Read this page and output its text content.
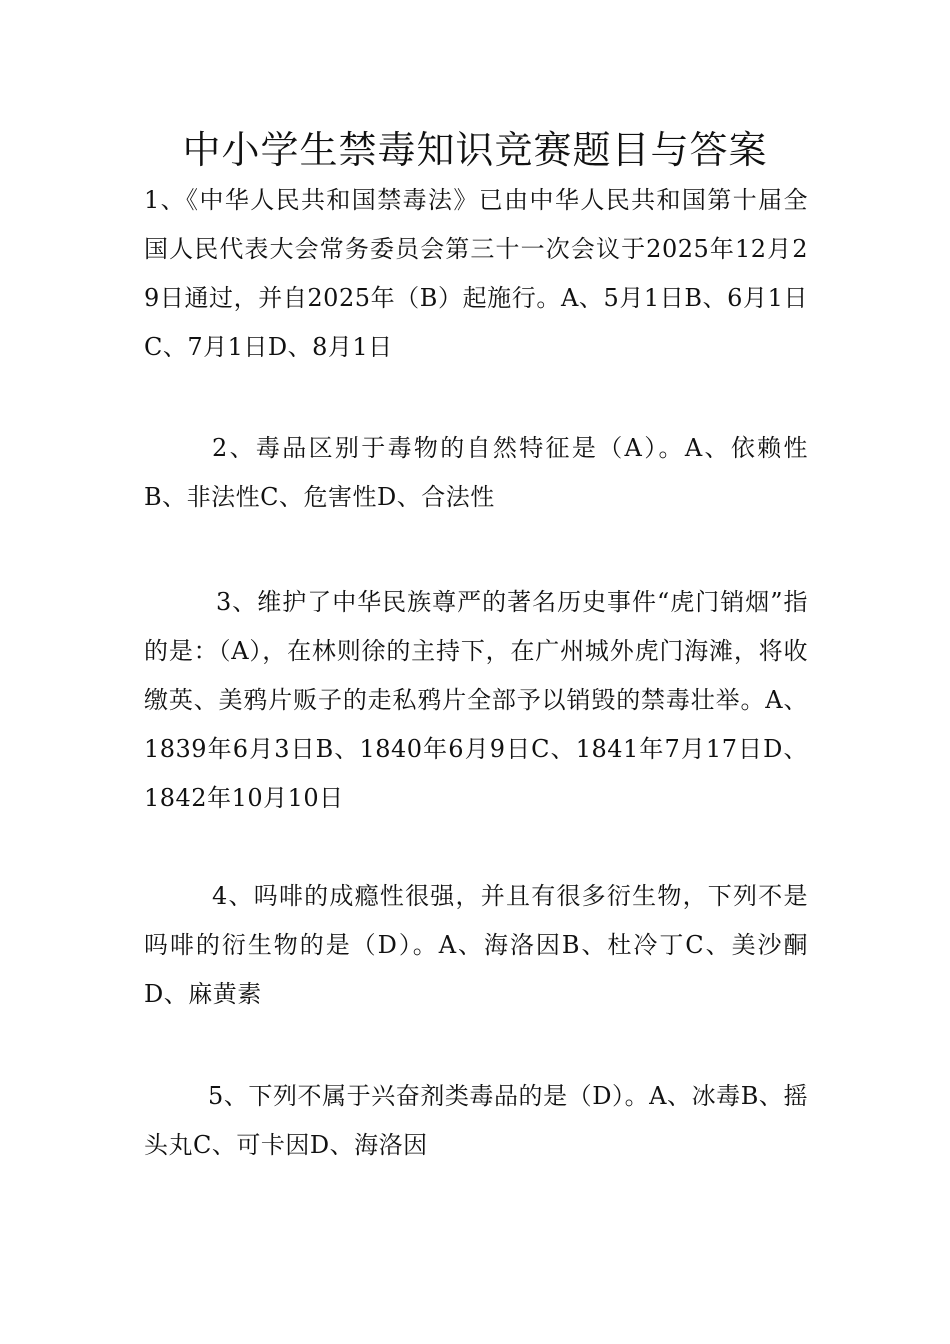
中小学生禁毒知识竞赛题目与答案

1、《中华人民共和国禁毒法》已由中华人民共和国第十届全国人民代表大会常务委员会第三十一次会议于2025年12月29日通过，并自2025年（B）起施行。A、5月1日B、6月1日C、7月1日D、8月1日

2、毒品区别于毒物的自然特征是（A）。A、依赖性B、非法性C、危害性D、合法性

3、维护了中华民族尊严的著名历史事件“虎门销烟”指的是：（A），在林则徐的主持下，在广州城外虎门海滩，将收缴英、美鸦片贩子的走私鸦片全部予以销毁的禁毒壮举。A、1839年6月3日B、1840年6月9日C、1841年7月17日D、1842年10月10日

4、吗啡的成瘾性很强，并且有很多衍生物，下列不是吗啡的衍生物的是（D）。A、海洛因B、杜冷丁C、美沙酮D、麻黄素

5、下列不属于兴奋剂类毒品的是（D）。A、冰毒B、摇头丸C、可卡因D、海洛因
